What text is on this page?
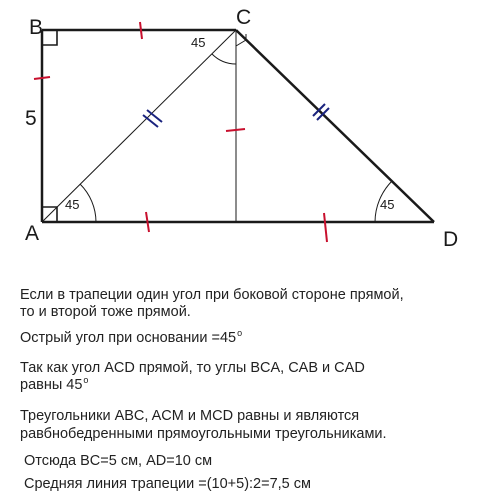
B	C
A	D
5
45
45	45
Если в трапеции один угол при боковой стороне прямой,
то и второй тоже прямой.
Острый угол при основании $=45^o$
Так как угол ACD прямой, то углы BCA, CAB и CAD
равны 45$^o$
Треугольники ABC, ACM и MCD равны и являются
равбнобедренными прямоугольными треугольниками.
Отсюда BC=5 см, AD=10 см
Средняя линия трапеции =(10+5):2=7,5 см
